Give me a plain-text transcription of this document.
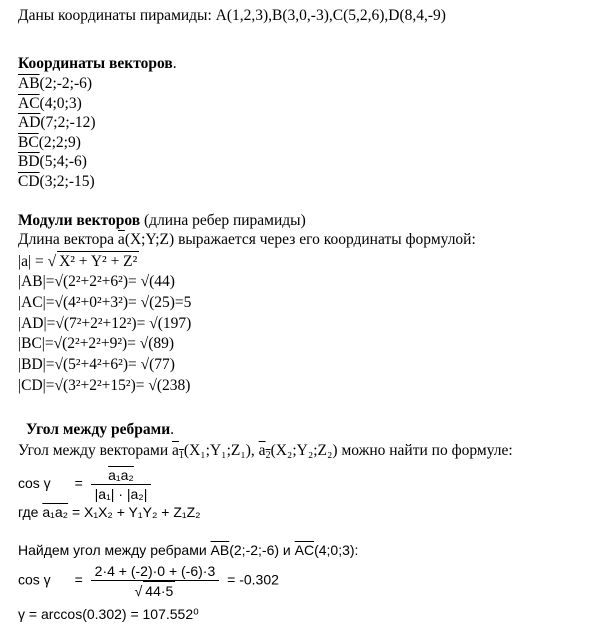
Даны координаты пирамиды: A(1,2,3),B(3,0,-3),C(5,2,6),D(8,4,-9)
Координаты векторов.
$\overline{AB}(2;-2;-6)$
$\overline{AC}(4;0;3)$
$\overline{AD}(7;2;-12)$
$\overline{BC}(2;2;9)$
$\overline{BD}(5;4;-6)$
$\overline{CD}(3;2;-15)$
Модули векторов (длина ребер пирамиды)
Длина вектора $\overline{a}(X;Y;Z)$ выражается через его координаты формулой:
|a| = √ X² + Y² + Z²
|AB|=√(2²+2²+6²)= √(44)
|AC|=√(4²+0²+3²)= √(25)=5
|AD|=√(7²+2²+12²)= √(197)
|BC|=√(2²+2²+9²)= √(89)
|BD|=√(5²+4²+6²)= √(77)
|CD|=√(3²+2²+15²)= √(238)
Угол между ребрами.
Угол между векторами $a_1(X_1;Y_1;Z_1)$, $a_2(X_2;Y_2;Z_2)$ можно найти по формуле:
$\cos \gamma = \frac{\text{a₁a₂}}{\text{|a₁| · |a₂|}}$
где a₁a₂ = X₁X₂ + Y₁Y₂ + Z₁Z₂
Найдем угол между ребрами $\overline{AB}(2;-2;-6)$ и $\overline{AC}(4;0;3)$:
$\cos \gamma = \frac{2\cdot 4 + (-2)\cdot 0 + (-6)\cdot 3}{√ 44\cdot 5} = -0.302$
γ = arccos(0.302) = 107.552⁰
